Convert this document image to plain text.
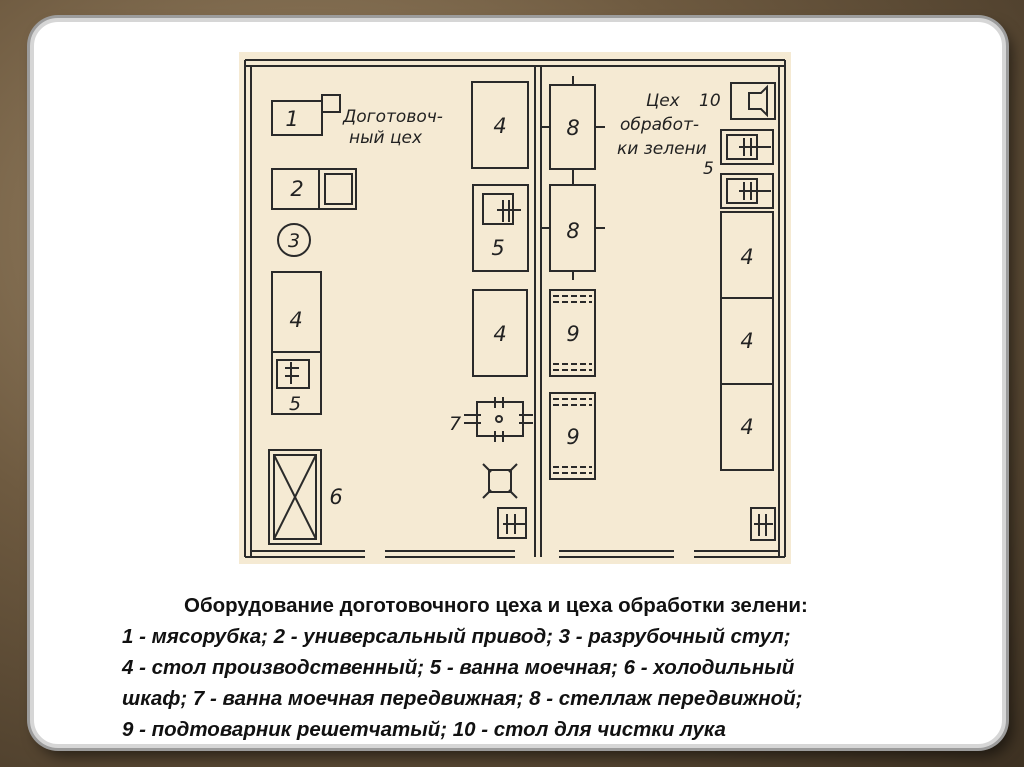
1
2
3
4
5
6
Доготовоч-
ный цех	4
5
4
7
8
8
9
9
Цех 10
обработ-
ки зелени
5
4
4
4
Оборудование доготовочного цеха и цеха обработки зелени:
1 - мясорубка; 2 - универсальный привод; 3 - разрубочный стул;
4 - стол производственный; 5 - ванна моечная; 6 - холодильный
шкаф; 7 - ванна моечная передвижная; 8 - стеллаж передвижной;
9 - подтоварник решетчатый; 10 - стол для чистки лука
